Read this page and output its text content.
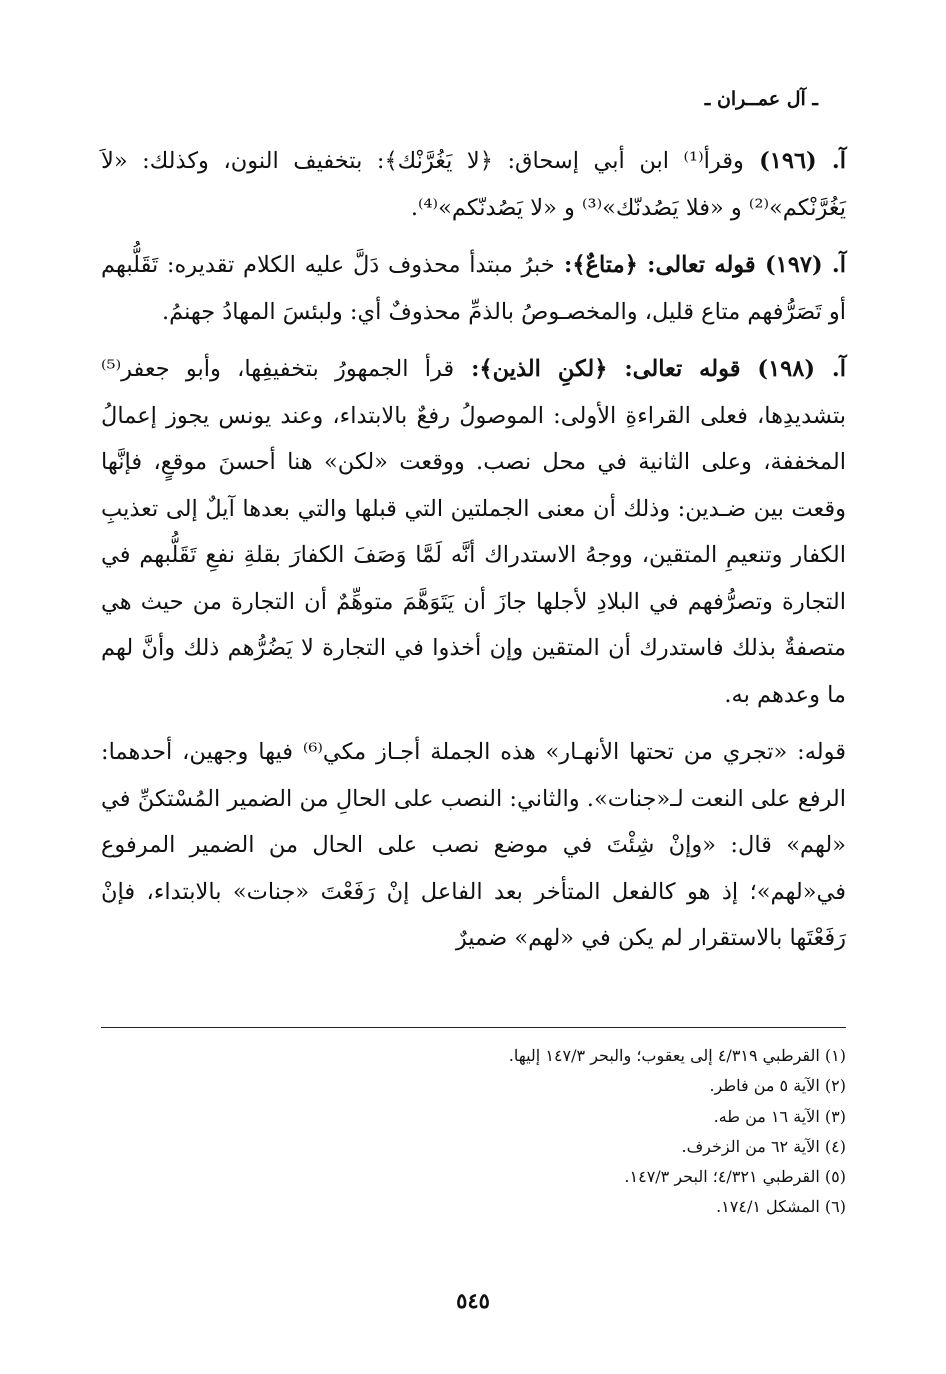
ـ آل عمــران ـ

آ. (١٩٦) وقرأ⁽¹⁾ ابن أبي إسحاق: ﴿لا يَغُرَّنْك﴾: بتخفيف النون، وكذلك: «لاَ يَغُرَّنْكم»⁽²⁾ و «فلا يَصُدنّك»⁽³⁾ و «لا يَصُدنّكم»⁽⁴⁾.

آ. (١٩٧) قوله تعالى: ﴿متاعٌ﴾: خبرُ مبتدأ محذوف دَلَّ عليه الكلام تقديره: تَقَلُّبهم أو تَصَرُّفهم متاع قليل، والمخصـوصُ بالذمِّ محذوفٌ أي: ولبئسَ المهادُ جهنمُ.

آ. (١٩٨) قوله تعالى: ﴿لكنِ الذين﴾: قرأ الجمهورُ بتخفيفِها، وأبو جعفر⁽⁵⁾ بتشديدِها، فعلى القراءةِ الأولى: الموصولُ رفعٌ بالابتداء، وعند يونس يجوز إعمالُ المخففة، وعلى الثانية في محل نصب. ووقعت «لكن» هنا أحسنَ موقعٍ، فإنَّها وقعت بين ضـدين: وذلك أن معنى الجملتين التي قبلها والتي بعدها آيلٌ إلى تعذيبِ الكفار وتنعيمِ المتقين، ووجهُ الاستدراك أنَّه لَمَّا وَصَفَ الكفارَ بقلةِ نفعِ تَقَلُّبهم في التجارة وتصرُّفهم في البلادِ لأجلها جازَ أن يَتَوَهَّمَ متوهِّمٌ أن التجارة من حيث هي متصفةٌ بذلك فاستدرك أن المتقين وإن أخذوا في التجارة لا يَضُرُّهم ذلك وأنَّ لهم ما وعدهم به.

قوله: «تجري من تحتها الأنهـار» هذه الجملة أجـاز مكي⁽⁶⁾ فيها وجهين، أحدهما: الرفع على النعت لـ«جنات». والثاني: النصب على الحالِ من الضمير المُسْتكنِّ في «لهم» قال: «وإنْ شِئْتَ في موضع نصب على الحال من الضمير المرفوع في«لهم»؛ إذ هو كالفعل المتأخر بعد الفاعل إنْ رَفَعْتَ «جنات» بالابتداء، فإنْ رَفَعْتَها بالاستقرار لم يكن في «لهم» ضميرٌ

(١) القرطبي ٤/٣١٩ إلى يعقوب؛ والبحر ١٤٧/٣ إليها.

(٢) الآية ٥ من فاطر.

(٣) الآية ١٦ من طه.

(٤) الآية ٦٢ من الزخرف.

(٥) القرطبي ٤/٣٢١؛ البحر ١٤٧/٣.

(٦) المشكل ١٧٤/١.

٥٤٥
